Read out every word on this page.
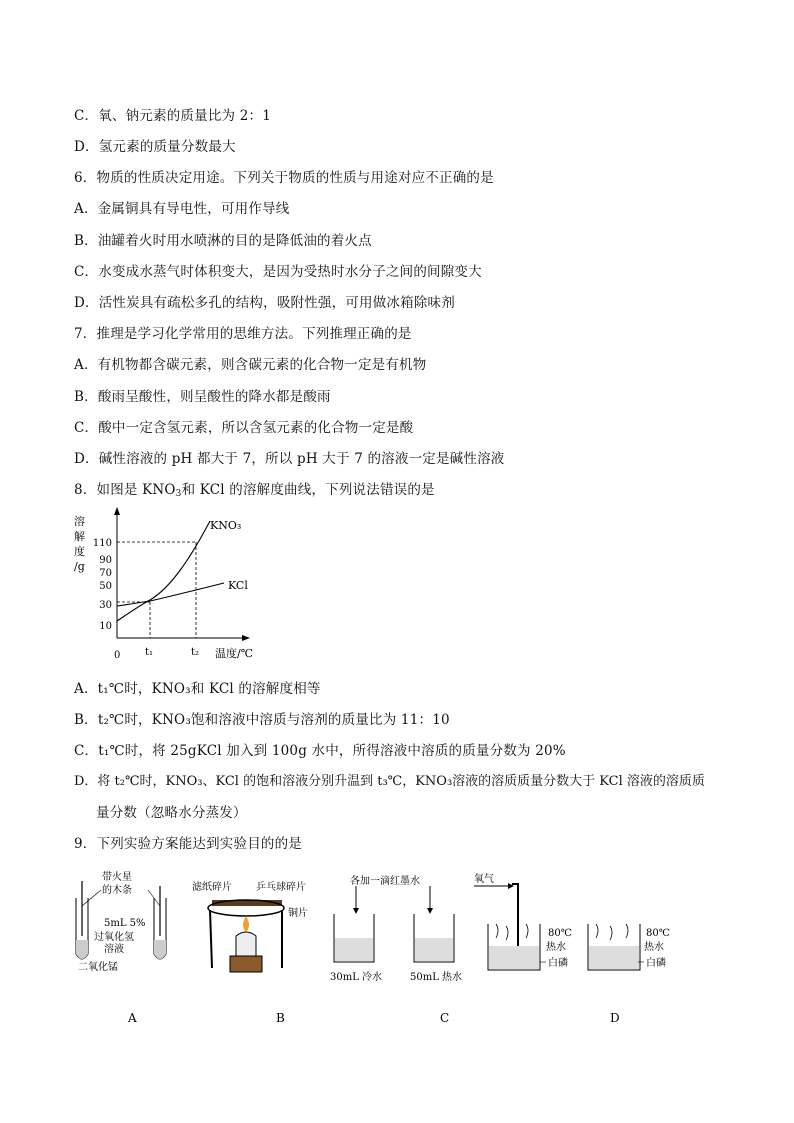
C．氧、钠元素的质量比为 2：1
D．氢元素的质量分数最大
6．物质的性质决定用途。下列关于物质的性质与用途对应不正确的是
A．金属铜具有导电性，可用作导线
B．油罐着火时用水喷淋的目的是降低油的着火点
C．水变成水蒸气时体积变大，是因为受热时水分子之间的间隙变大
D．活性炭具有疏松多孔的结构，吸附性强，可用做冰箱除味剂
7．推理是学习化学常用的思维方法。下列推理正确的是
A．有机物都含碳元素，则含碳元素的化合物一定是有机物
B．酸雨呈酸性，则呈酸性的降水都是酸雨
C．酸中一定含氢元素，所以含氢元素的化合物一定是酸
D．碱性溶液的 pH 都大于 7，所以 pH 大于 7 的溶液一定是碱性溶液
8．如图是 $KNO_3$和 KCl 的溶解度曲线，下列说法错误的是
溶
解
度
/g
10
30
50
70
90
110
KNO₃
KCl
0 t₁	t₂ 温度/℃
A．t₁℃时，KNO₃和 KCl 的溶解度相等
B．t₂℃时，KNO₃饱和溶液中溶质与溶剂的质量比为 11：10
C．t₁℃时，将 25gKCl 加入到 100g 水中，所得溶液中溶质的质量分数为 20%
D．将 t₂℃时，KNO₃、KCl 的饱和溶液分别升温到 t₃℃，KNO₃溶液的溶质质量分数大于 KCl 溶液的溶质质
量分数（忽略水分蒸发）
9．下列实验方案能达到实验目的的是
带火星
的木条
5mL 5%
过氧化氢
溶液
二氧化锰
A
滤纸碎片 乒乓球碎片
铜片
B
各加一滴红墨水
30mL 冷水	50mL 热水
C
氧气
80℃
热水
白磷
80℃
热水
白磷
D
